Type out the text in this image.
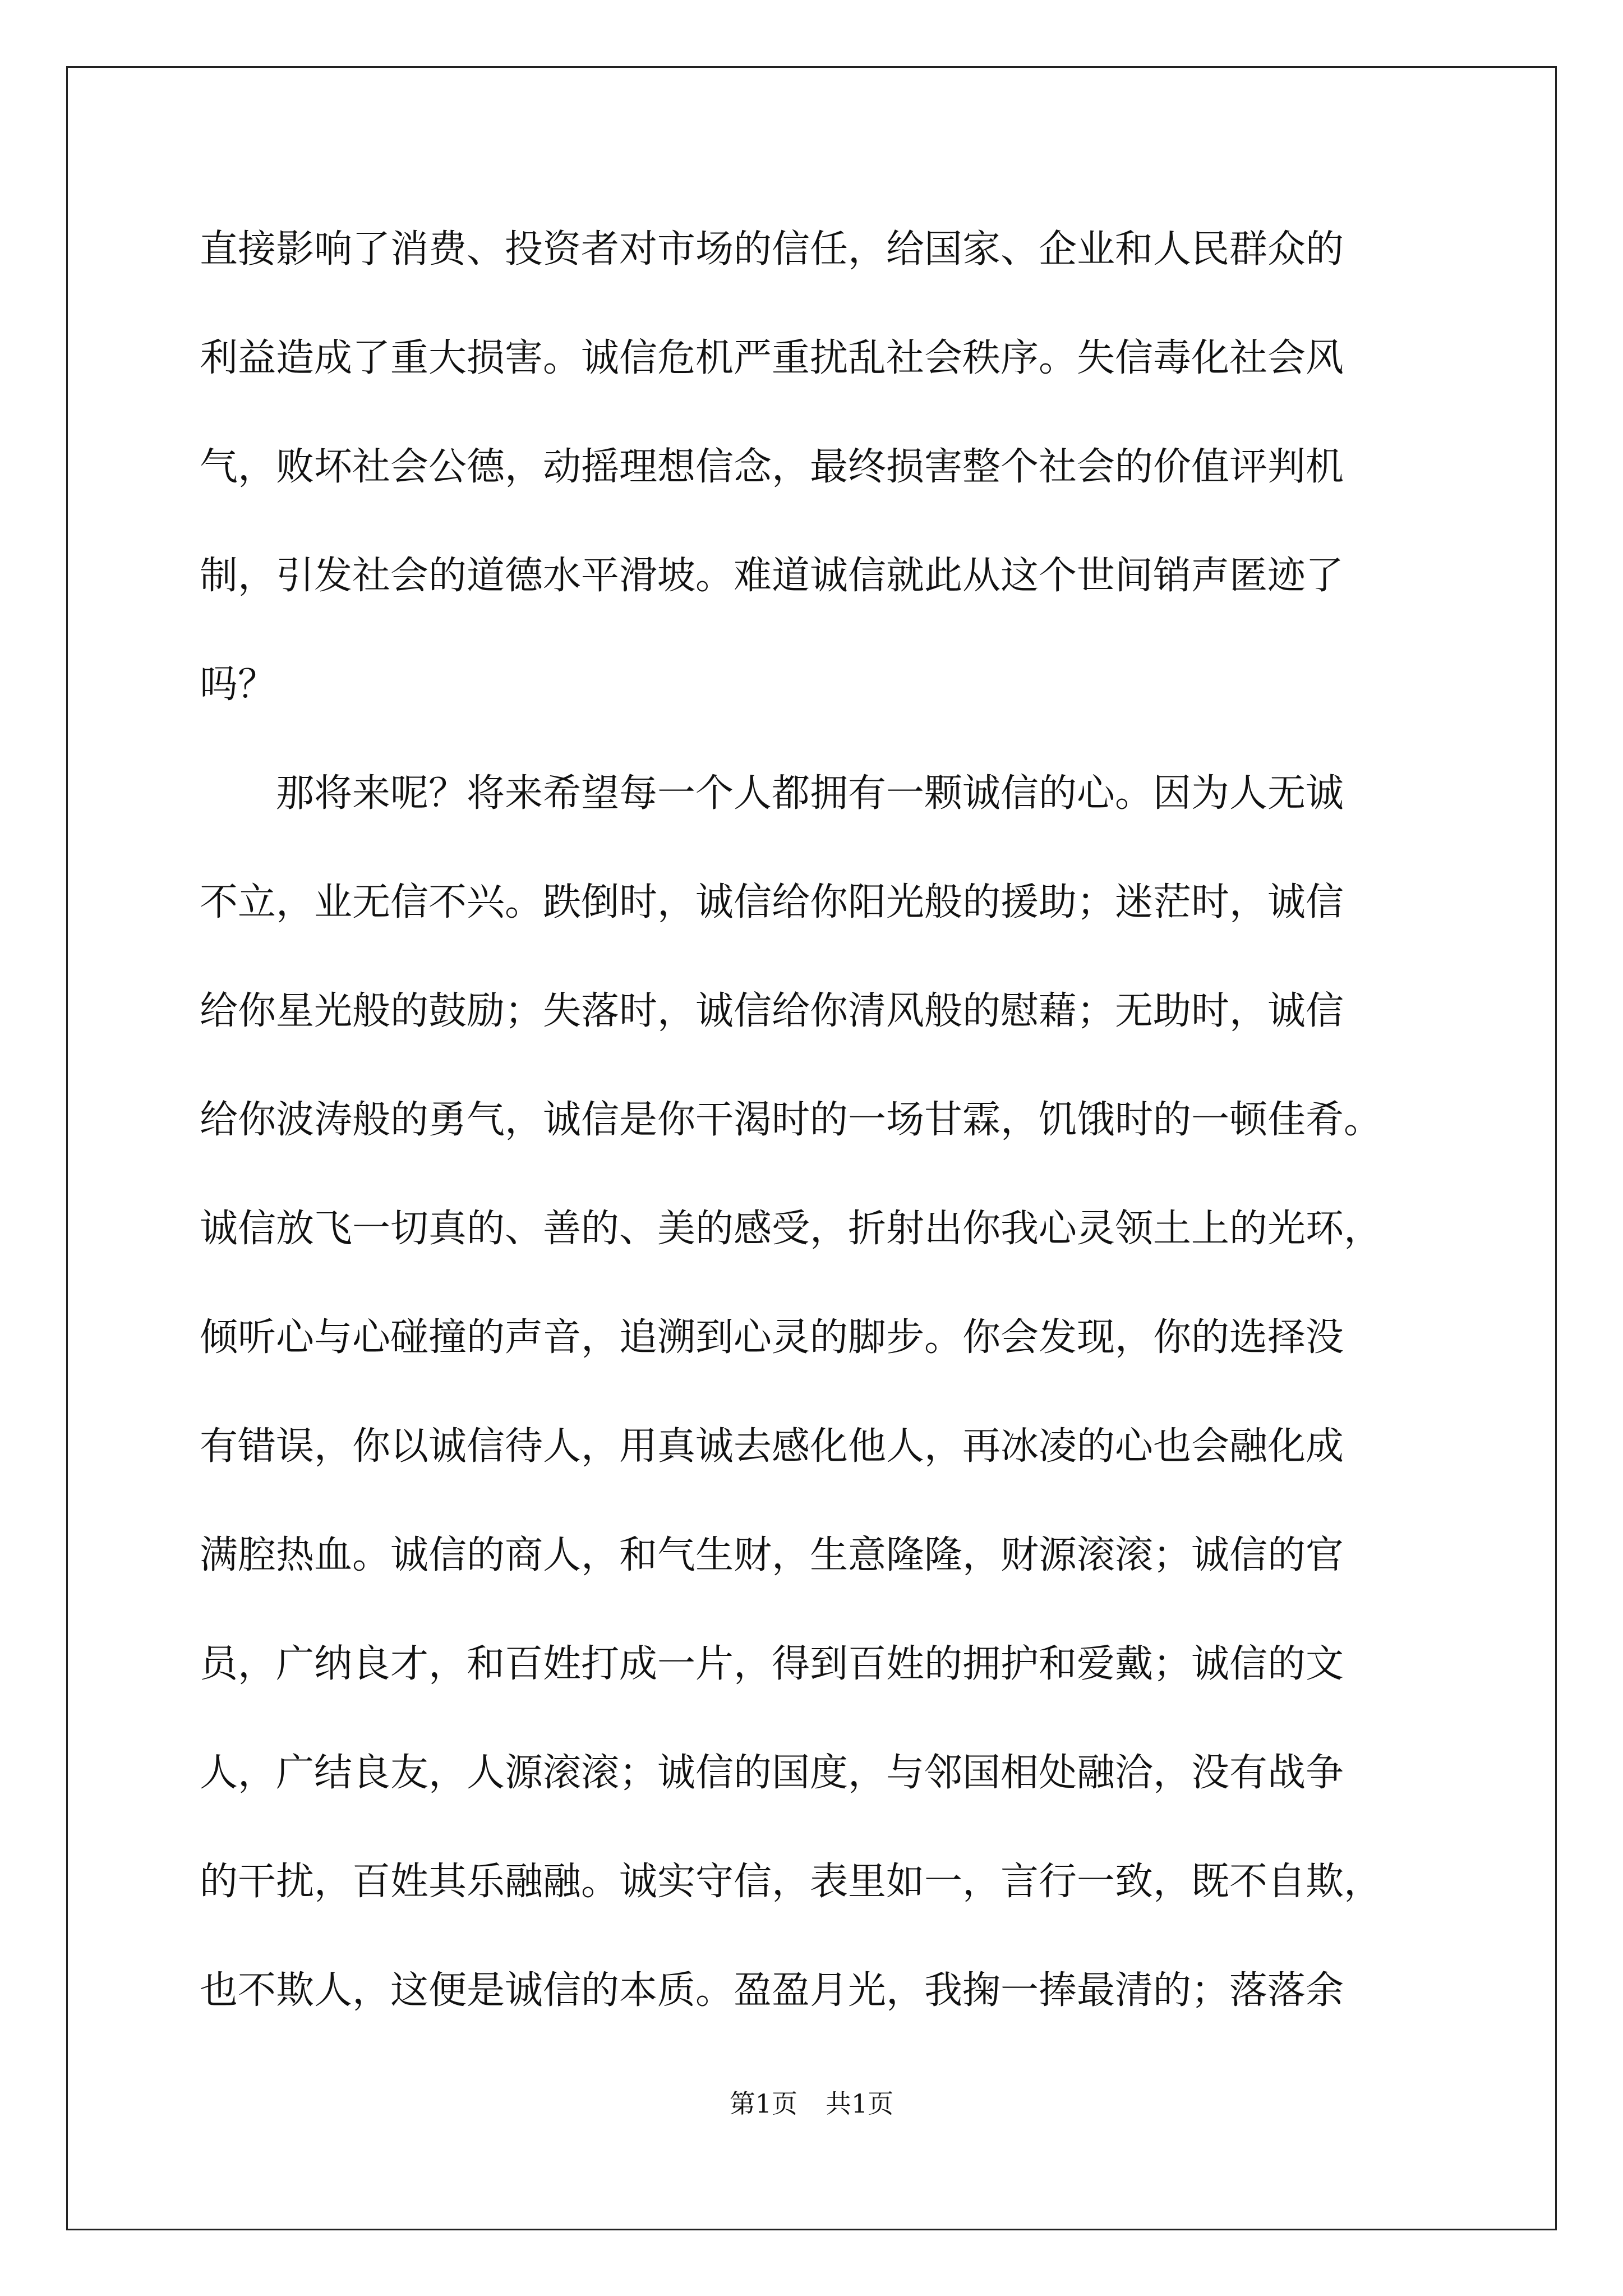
直接影响了消费、投资者对市场的信任，给国家、企业和人民群众的
利益造成了重大损害。诚信危机严重扰乱社会秩序。失信毒化社会风
气，败坏社会公德，动摇理想信念，最终损害整个社会的价值评判机
制，引发社会的道德水平滑坡。难道诚信就此从这个世间销声匿迹了
吗？
　　那将来呢？将来希望每一个人都拥有一颗诚信的心。因为人无诚
不立，业无信不兴。跌倒时，诚信给你阳光般的援助；迷茫时，诚信
给你星光般的鼓励；失落时，诚信给你清风般的慰藉；无助时，诚信
给你波涛般的勇气，诚信是你干渴时的一场甘霖，饥饿时的一顿佳肴。
诚信放飞一切真的、善的、美的感受，折射出你我心灵领土上的光环，
倾听心与心碰撞的声音，追溯到心灵的脚步。你会发现，你的选择没
有错误，你以诚信待人，用真诚去感化他人，再冰凌的心也会融化成
满腔热血。诚信的商人，和气生财，生意隆隆，财源滚滚；诚信的官
员，广纳良才，和百姓打成一片，得到百姓的拥护和爱戴；诚信的文
人，广结良友，人源滚滚；诚信的国度，与邻国相处融洽，没有战争
的干扰，百姓其乐融融。诚实守信，表里如一，言行一致，既不自欺，
也不欺人，这便是诚信的本质。盈盈月光，我掬一捧最清的；落落余
第1页 共1页
